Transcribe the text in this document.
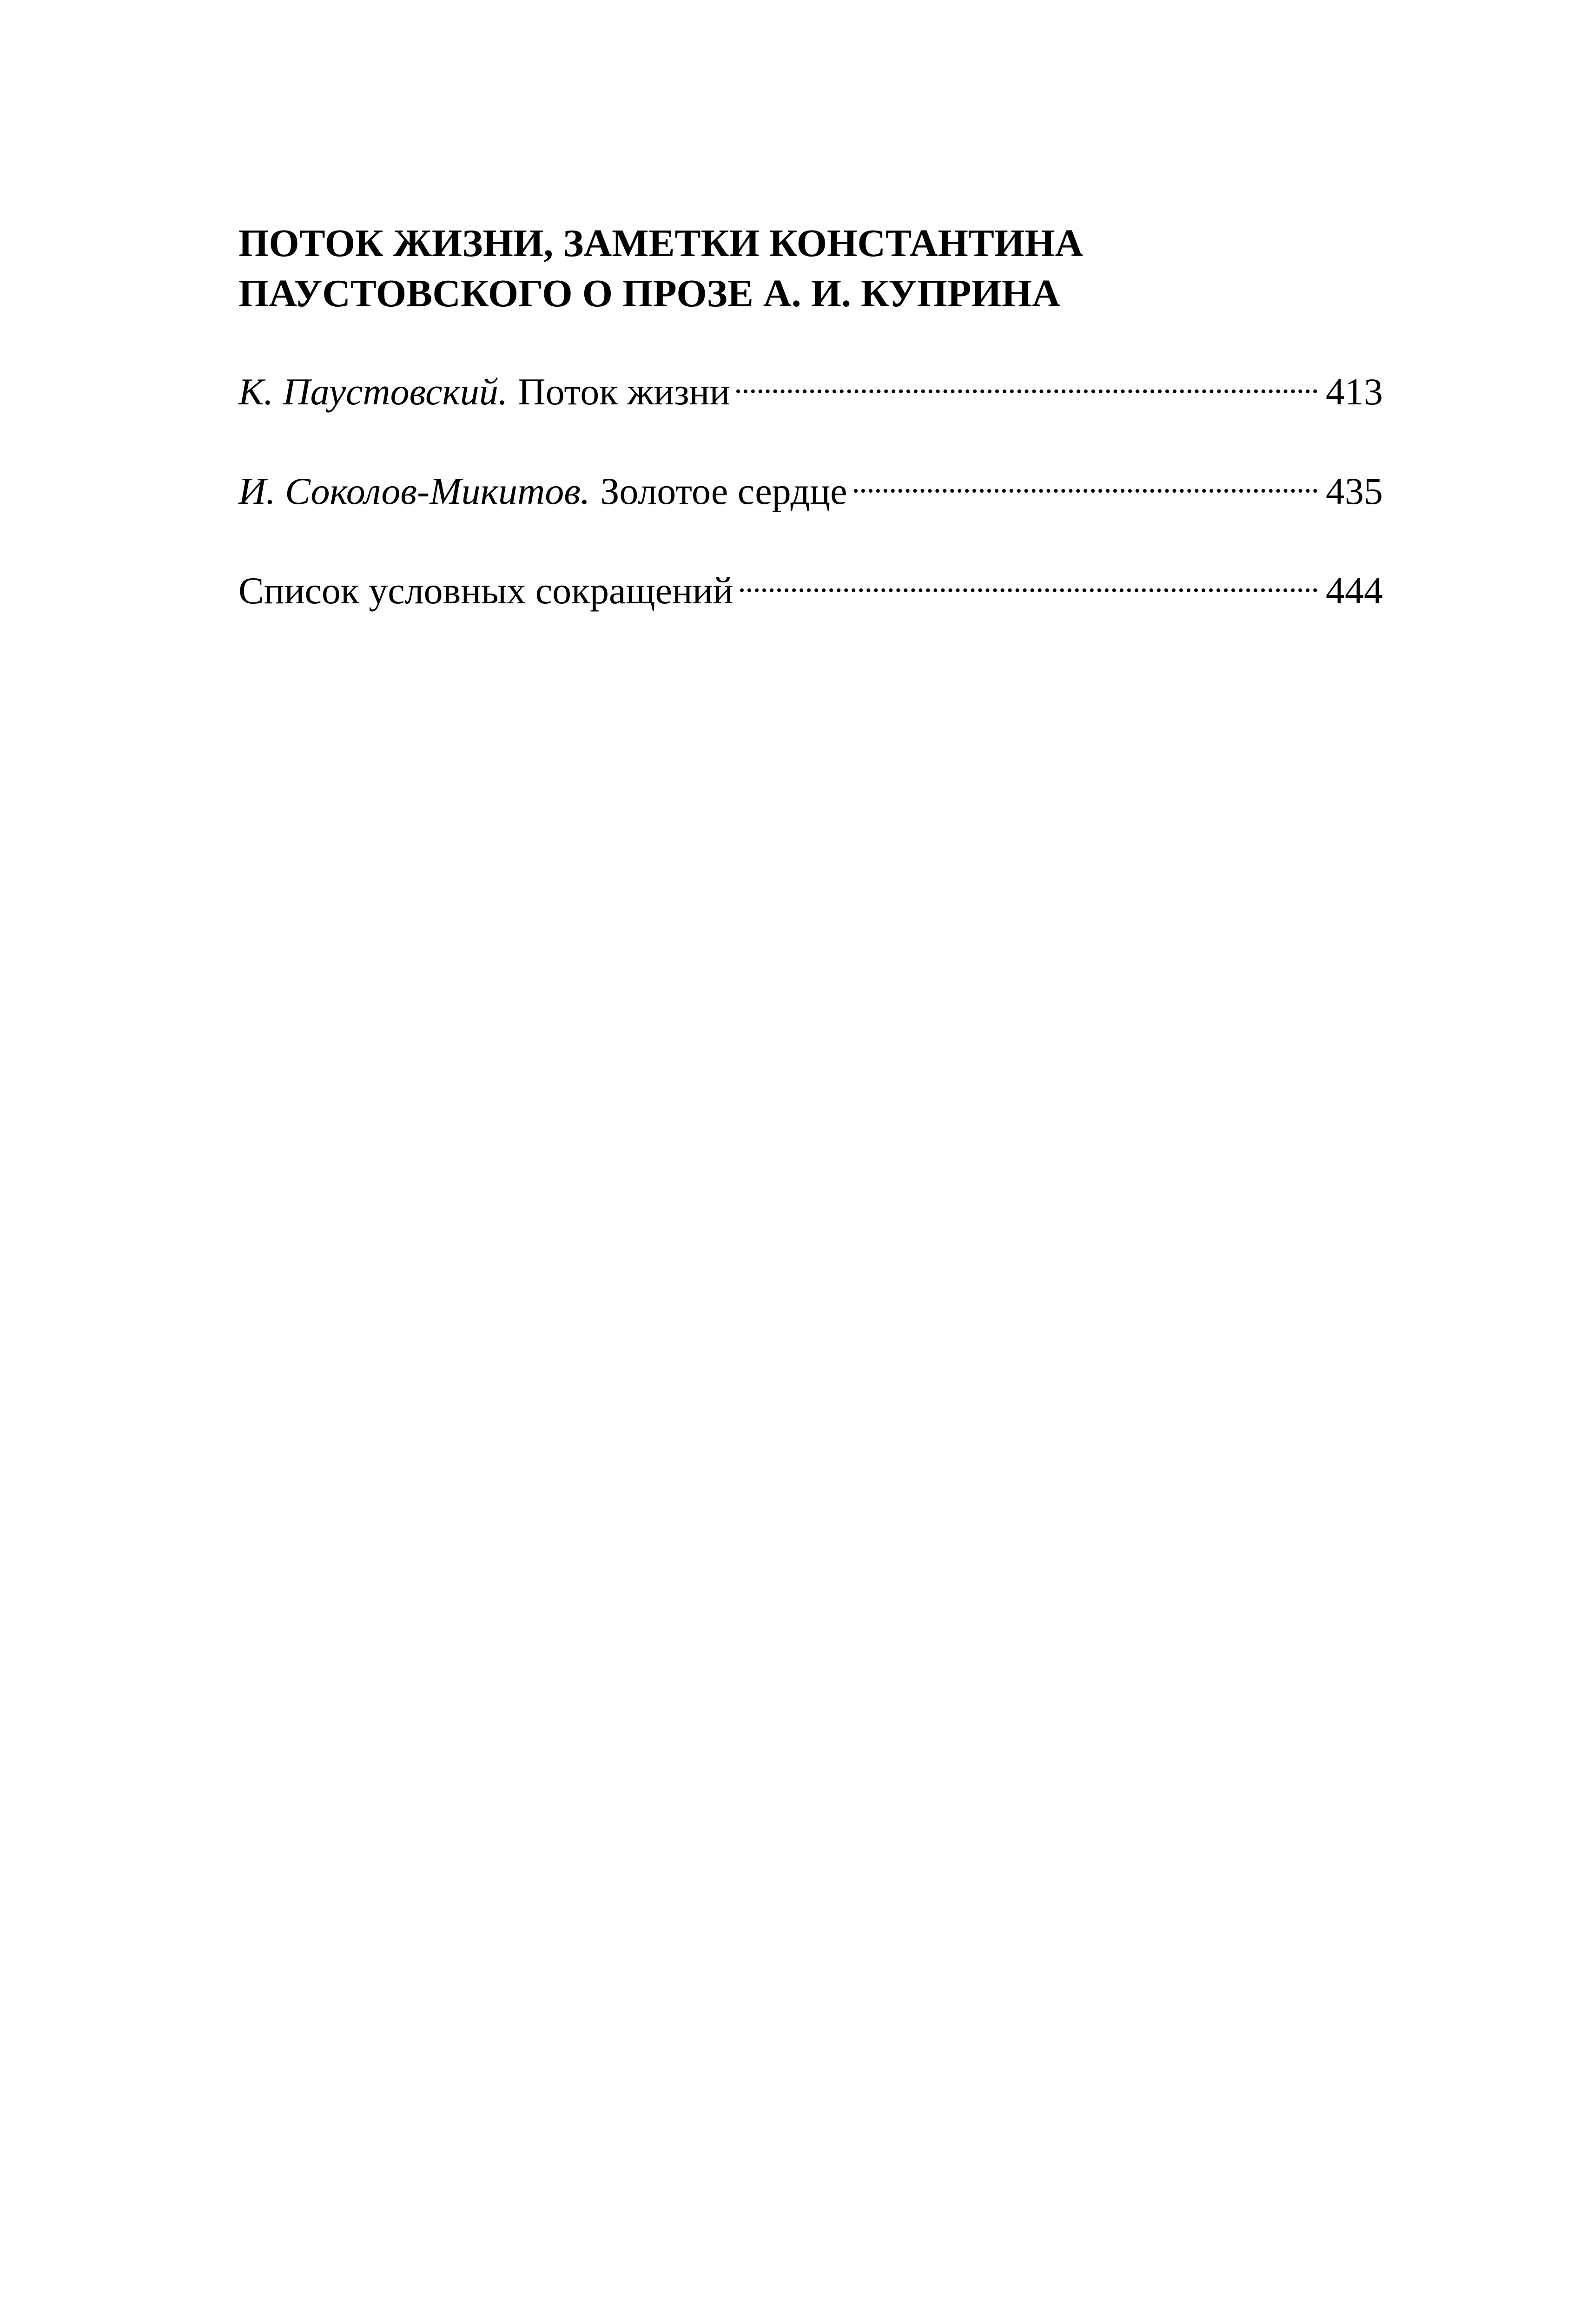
ПОТОК ЖИЗНИ, ЗАМЕТКИ КОНСТАНТИНА
ПАУСТОВСКОГО О ПРОЗЕ А. И. КУПРИНА
К. Паустовский. Поток жизни	413
И. Соколов-Микитов. Золотое сердце	435
Список условных сокращений	444
